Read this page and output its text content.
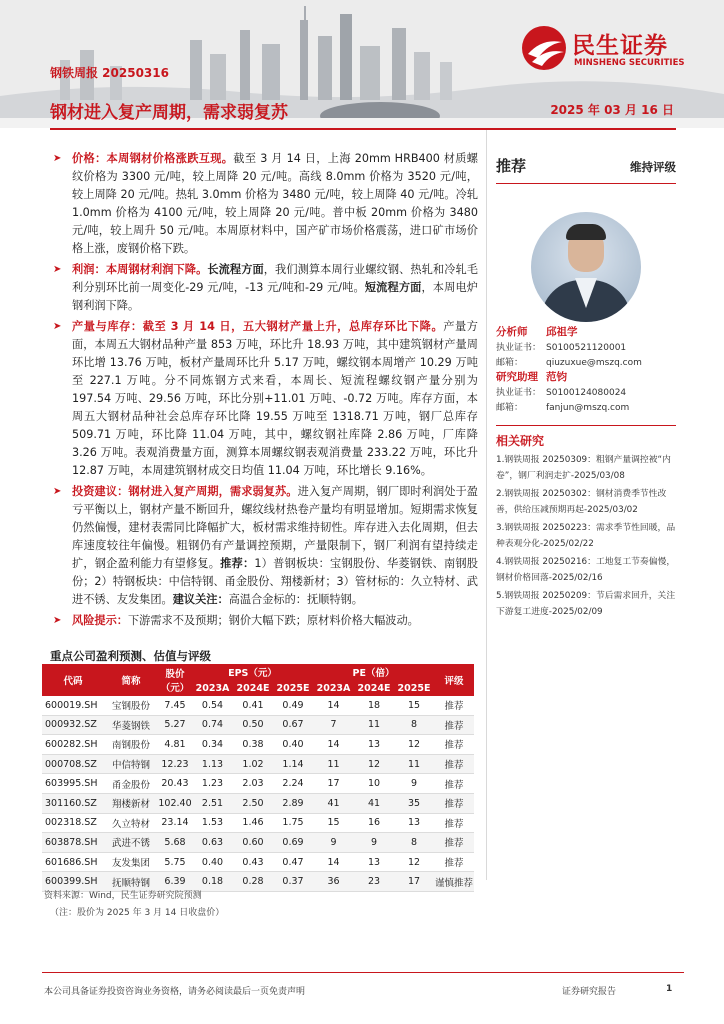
钢铁周报 20250316
钢材进入复产周期，需求弱复苏	2025 年 03 月 16 日
民生证券
MINSHENG SECURITIES
➤ 价格：本周钢材价格涨跌互现。截至 3 月 14 日，上海 20mm HRB400 材质螺纹价格为 3300 元/吨，较上周降 20 元/吨。高线 8.0mm 价格为 3520 元/吨，较上周降 20 元/吨。热轧 3.0mm 价格为 3480 元/吨，较上周降 40 元/吨。冷轧 1.0mm 价格为 4100 元/吨，较上周降 20 元/吨。普中板 20mm 价格为 3480 元/吨，较上周升 50 元/吨。本周原材料中，国产矿市场价格震荡，进口矿市场价格上涨，废钢价格下跌。
➤ 利润：本周钢材利润下降。长流程方面，我们测算本周行业螺纹钢、热轧和冷轧毛利分别环比前一周变化-29 元/吨，-13 元/吨和-29 元/吨。短流程方面，本周电炉钢利润下降。
➤ 产量与库存：截至 3 月 14 日，五大钢材产量上升，总库存环比下降。产量方面，本周五大钢材品种产量 853 万吨，环比升 18.93 万吨，其中建筑钢材产量周环比增 13.76 万吨，板材产量周环比升 5.17 万吨，螺纹钢本周增产 10.29 万吨至 227.1 万吨。分不同炼钢方式来看，本周长、短流程螺纹钢产量分别为 197.54 万吨、29.56 万吨，环比分别+11.01 万吨、-0.72 万吨。库存方面，本周五大钢材品种社会总库存环比降 19.55 万吨至 1318.71 万吨，钢厂总库存 509.71 万吨，环比降 11.04 万吨，其中，螺纹钢社库降 2.86 万吨，厂库降 3.26 万吨。表观消费量方面，测算本周螺纹钢表观消费量 233.22 万吨，环比升 12.87 万吨，本周建筑钢材成交日均值 11.04 万吨，环比增长 9.16%。
➤ 投资建议：钢材进入复产周期，需求弱复苏。进入复产周期，钢厂即时利润处于盈亏平衡以上，钢材产量不断回升，螺纹线材热卷产量均有明显增加。短期需求恢复仍然偏慢，建材表需同比降幅扩大，板材需求维持韧性。库存进入去化周期，但去库速度较往年偏慢。粗钢仍有产量调控预期，产量限制下，钢厂利润有望持续走扩，钢企盈利能力有望修复。推荐：1）普钢板块：宝钢股份、华菱钢铁、南钢股份；2）特钢板块：中信特钢、甬金股份、翔楼新材；3）管材标的：久立特材、武进不锈、友发集团。建议关注：高温合金标的：抚顺特钢。
➤ 风险提示：下游需求不及预期；钢价大幅下跌；原材料价格大幅波动。
重点公司盈利预测、估值与评级
代码	简称	股价（元）	EPS（元）			PE（倍）			评级
			2023A	2024E	2025E	2023A	2024E	2025E	
600019.SH	宝钢股份	7.45	0.54	0.41	0.49	14	18	15	推荐
000932.SZ	华菱钢铁	5.27	0.74	0.50	0.67	7	11	8	推荐
600282.SH	南钢股份	4.81	0.34	0.38	0.40	14	13	12	推荐
000708.SZ	中信特钢	12.23	1.13	1.02	1.14	11	12	11	推荐
603995.SH	甬金股份	20.43	1.23	2.03	2.24	17	10	9	推荐
301160.SZ	翔楼新材	102.40	2.51	2.50	2.89	41	41	35	推荐
002318.SZ	久立特材	23.14	1.53	1.46	1.75	15	16	13	推荐
603878.SH	武进不锈	5.68	0.63	0.60	0.69	9	9	8	推荐
601686.SH	友发集团	5.75	0.40	0.43	0.47	14	13	12	推荐
600399.SH	抚顺特钢	6.39	0.18	0.28	0.37	36	23	17	谨慎推荐
资料来源：Wind，民生证券研究院预测
（注：股价为 2025 年 3 月 14 日收盘价）
推荐	维持评级
分析师 邱祖学
执业证书： S0100521120001
邮箱：	qiuzuxue@mszq.com
研究助理 范钧
执业证书： S0100124080024
邮箱：	fanjun@mszq.com
相关研究
1.钢铁周报 20250309：粗钢产量调控被“内卷”，钢厂利润走扩-2025/03/08
2.钢铁周报 20250302：钢材消费季节性改善，供给压减预期再起-2025/03/02
3.钢铁周报 20250223：需求季节性回暖，品种表观分化-2025/02/22
4.钢铁周报 20250216：工地复工节奏偏慢，钢材价格回落-2025/02/16
5.钢铁周报 20250209：节后需求回升，关注下游复工进度-2025/02/09
本公司具备证券投资咨询业务资格，请务必阅读最后一页免责声明	证券研究报告	1
